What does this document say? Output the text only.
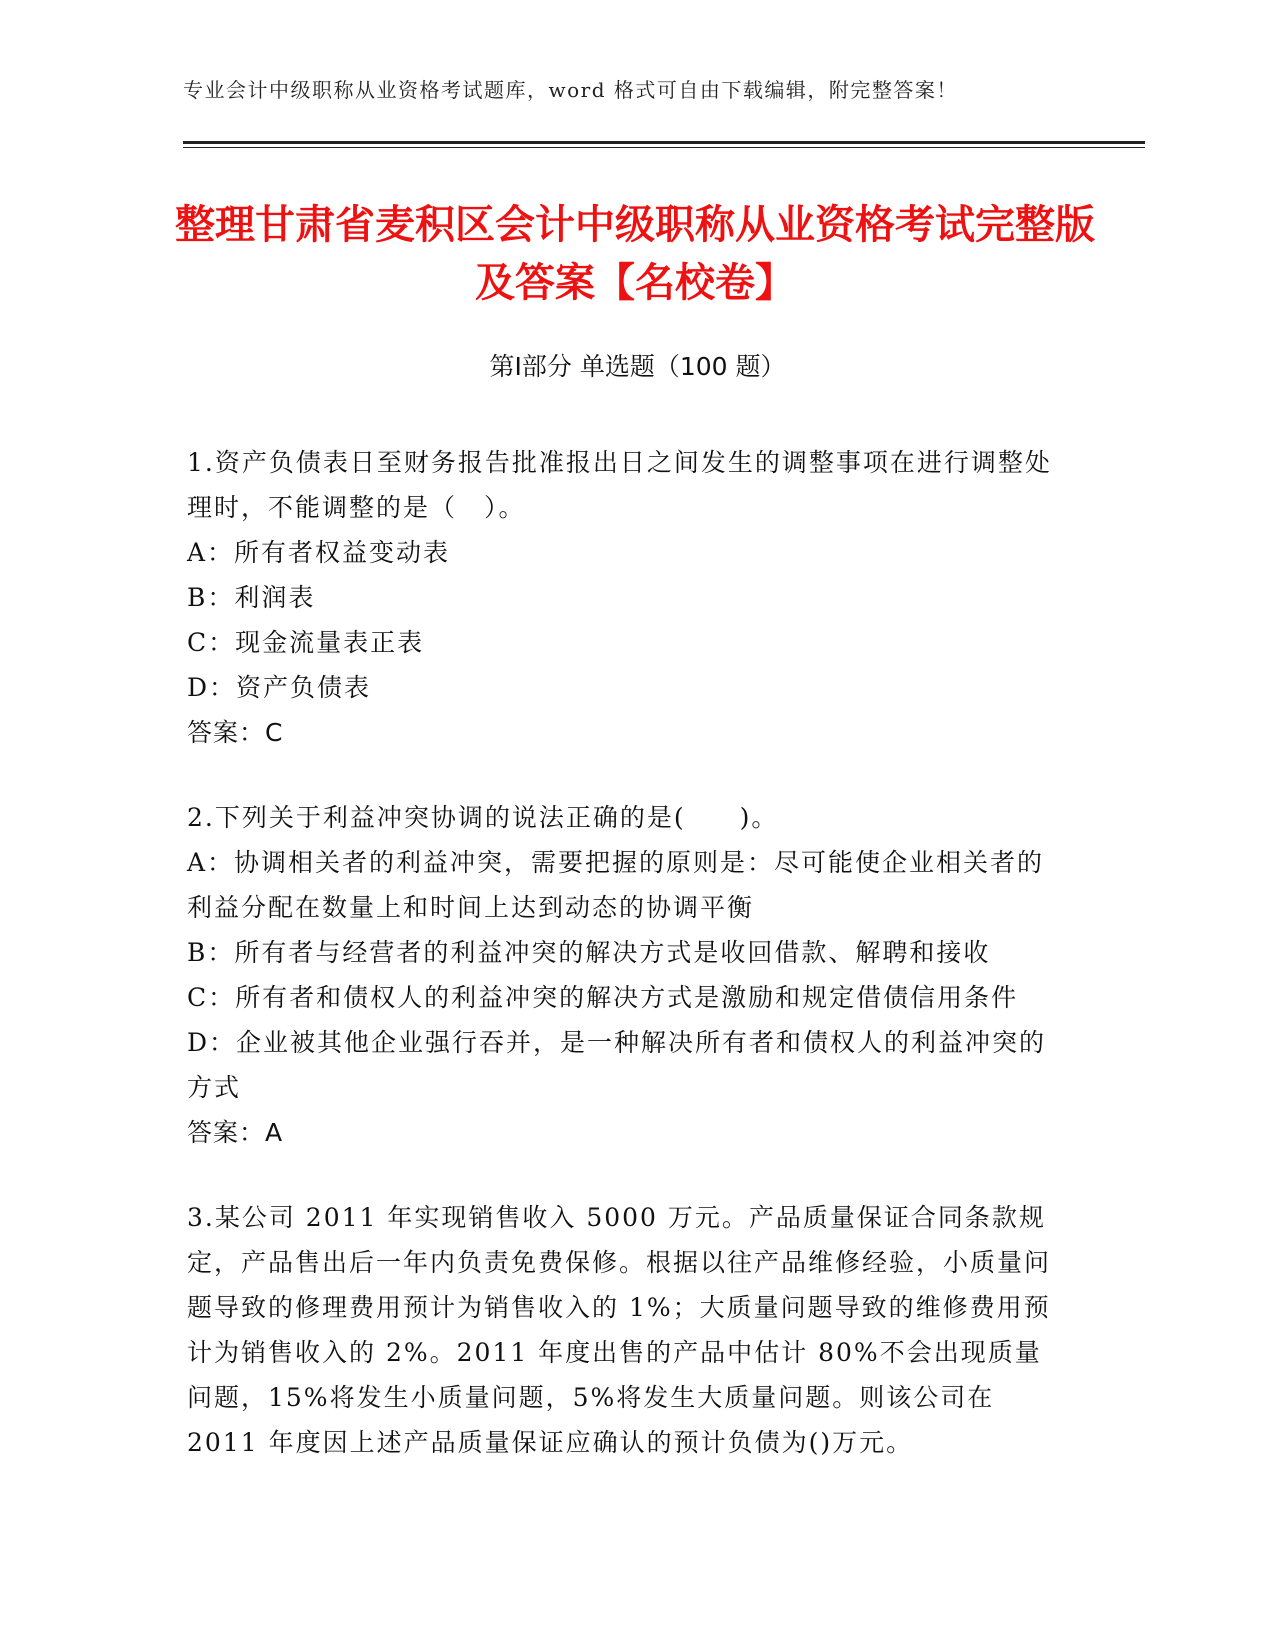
专业会计中级职称从业资格考试题库，word 格式可自由下载编辑，附完整答案！
整理甘肃省麦积区会计中级职称从业资格考试完整版及答案【名校卷】
第Ⅰ部分 单选题（100 题）
1.资产负债表日至财务报告批准报出日之间发生的调整事项在进行调整处理时，不能调整的是（　）。
A：所有者权益变动表
B：利润表
C：现金流量表正表
D：资产负债表
答案：C
2.下列关于利益冲突协调的说法正确的是(　　)。
A：协调相关者的利益冲突，需要把握的原则是：尽可能使企业相关者的利益分配在数量上和时间上达到动态的协调平衡
B：所有者与经营者的利益冲突的解决方式是收回借款、解聘和接收
C：所有者和债权人的利益冲突的解决方式是激励和规定借债信用条件
D：企业被其他企业强行吞并，是一种解决所有者和债权人的利益冲突的方式
答案：A
3.某公司 2011 年实现销售收入 5000 万元。产品质量保证合同条款规定，产品售出后一年内负责免费保修。根据以往产品维修经验，小质量问题导致的修理费用预计为销售收入的 1%；大质量问题导致的维修费用预计为销售收入的 2%。2011 年度出售的产品中估计 80%不会出现质量问题，15%将发生小质量问题，5%将发生大质量问题。则该公司在 2011 年度因上述产品质量保证应确认的预计负债为()万元。
